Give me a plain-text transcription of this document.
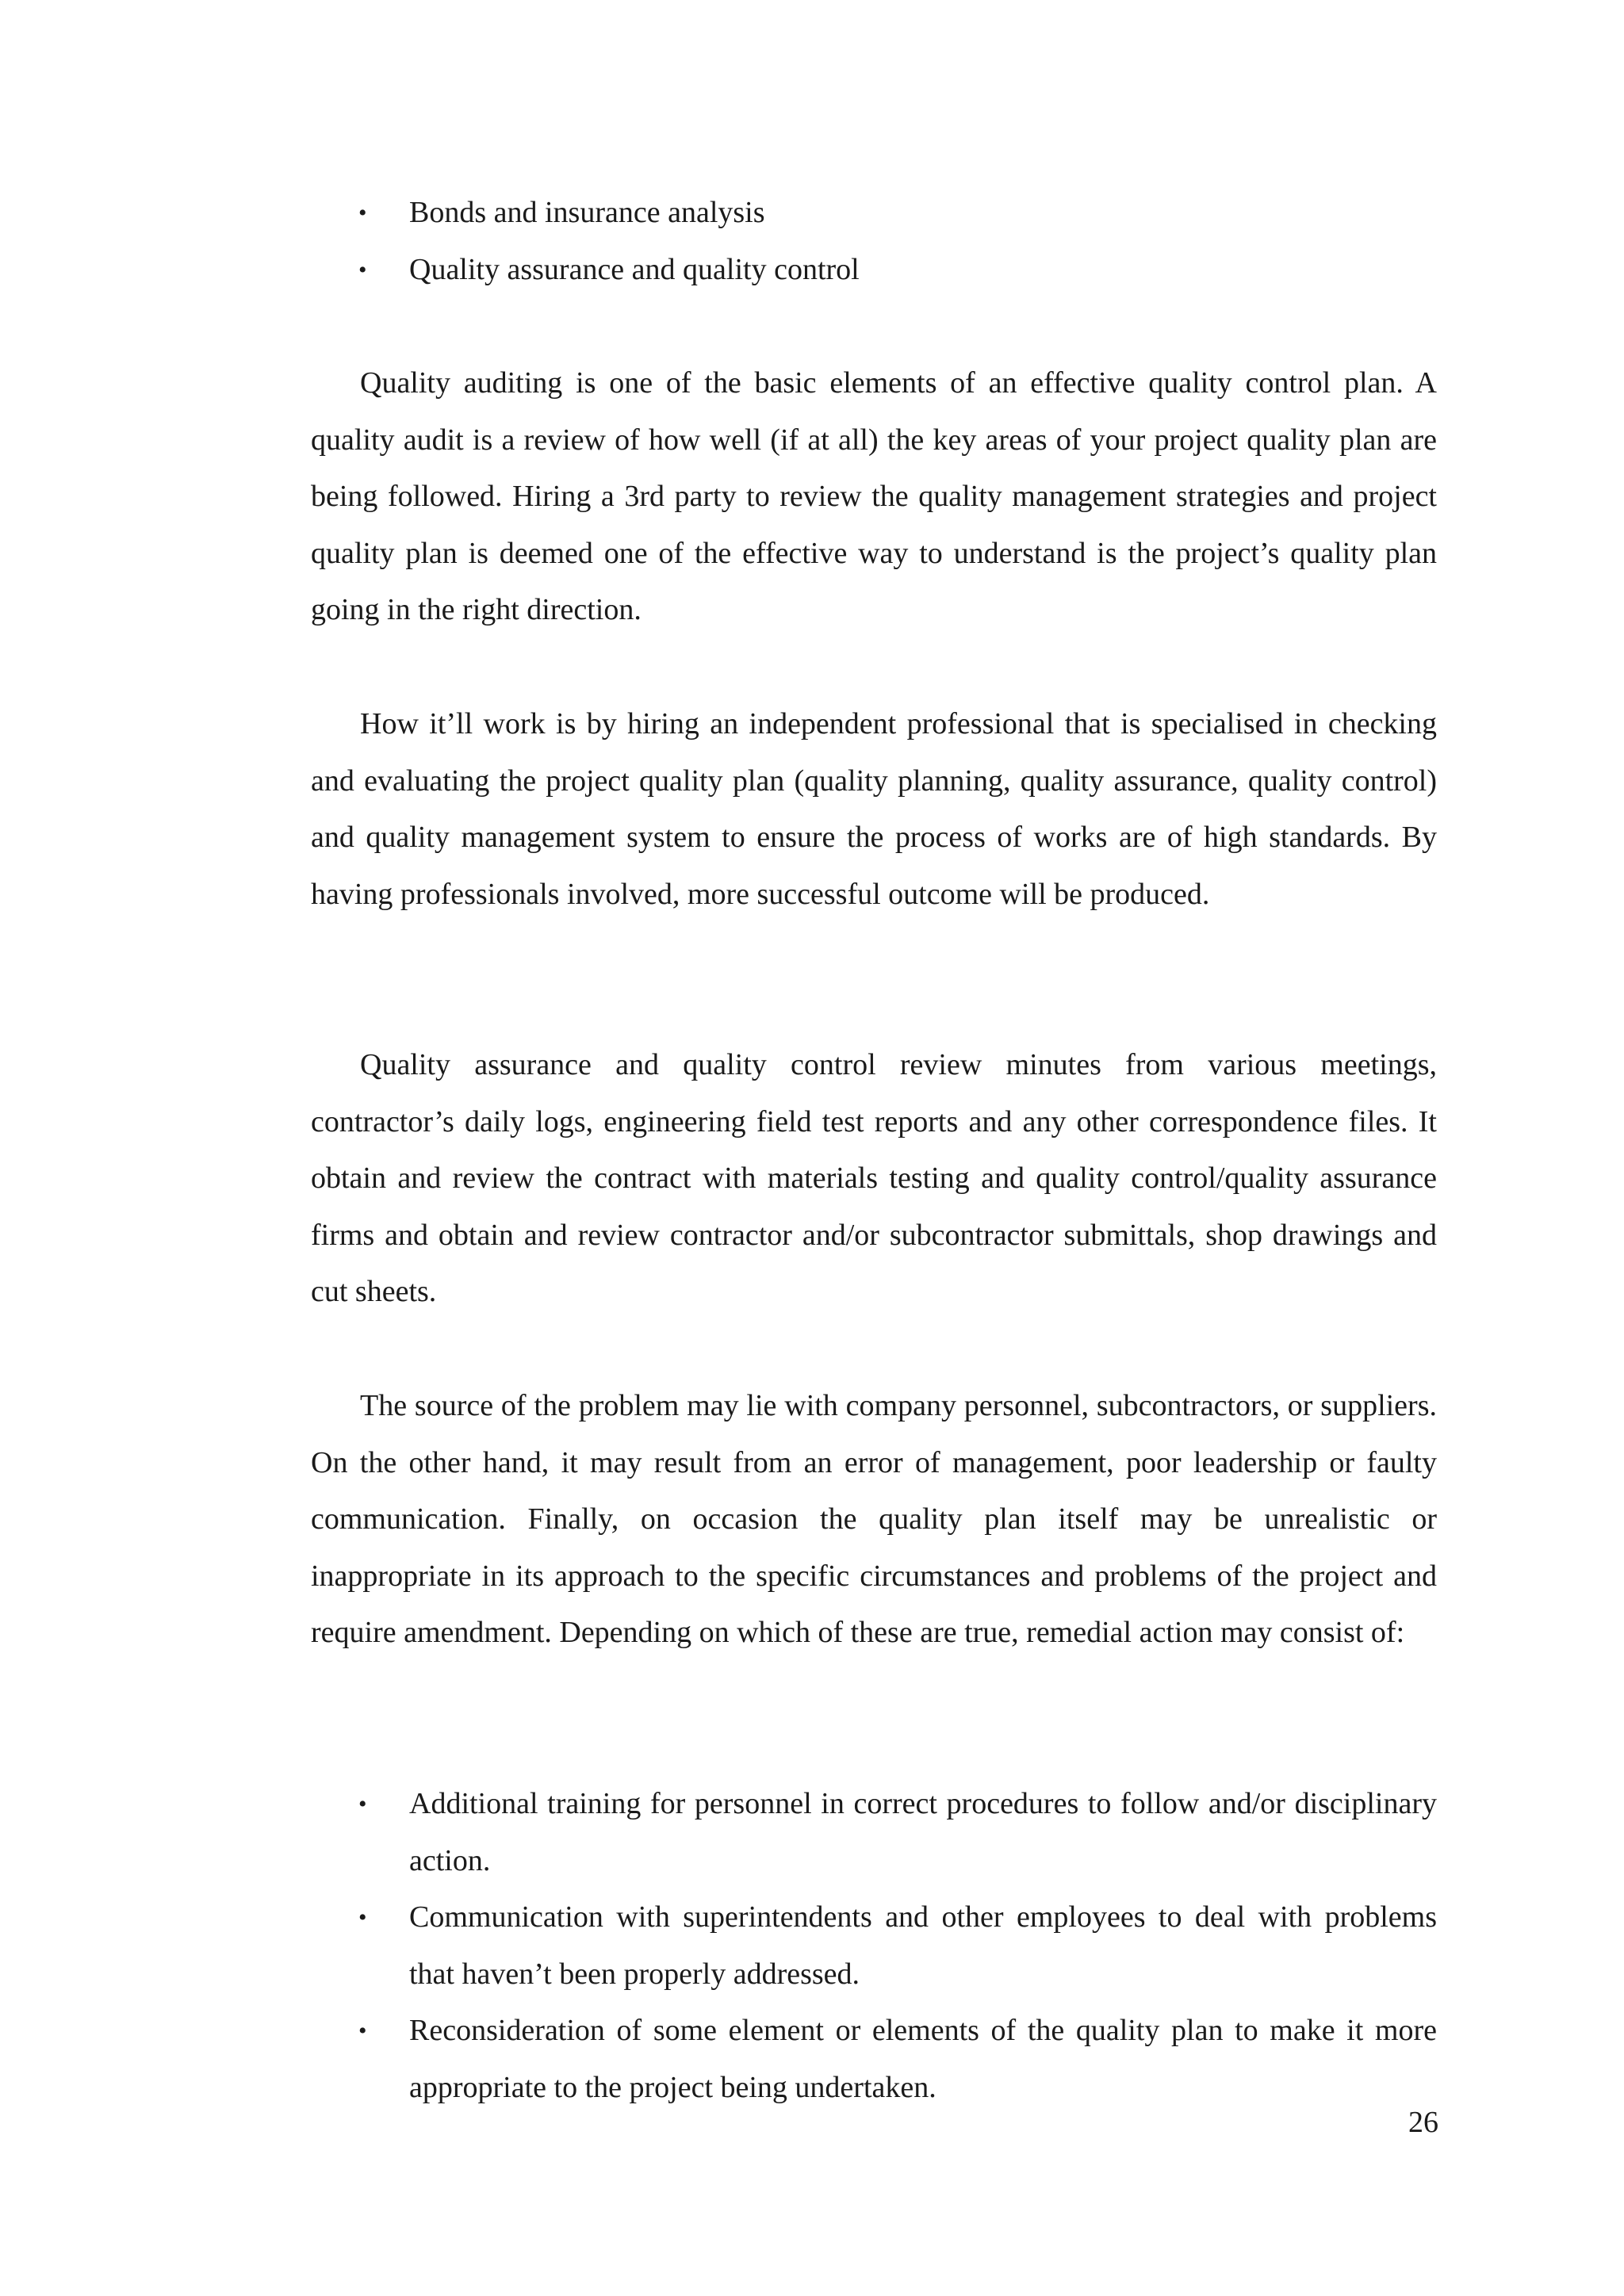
• Bonds and insurance analysis
• Quality assurance and quality control

Quality auditing is one of the basic elements of an effective quality control plan. A quality audit is a review of how well (if at all) the key areas of your project quality plan are being followed. Hiring a 3rd party to review the quality management strategies and project quality plan is deemed one of the effective way to understand is the project’s quality plan going in the right direction.

How it’ll work is by hiring an independent professional that is specialised in checking and evaluating the project quality plan (quality planning, quality assurance, quality control) and quality management system to ensure the process of works are of high standards. By having professionals involved, more successful outcome will be produced.

Quality assurance and quality control review minutes from various meetings, contractor’s daily logs, engineering field test reports and any other correspondence files. It obtain and review the contract with materials testing and quality control/quality assurance firms and obtain and review contractor and/or subcontractor submittals, shop drawings and cut sheets.

The source of the problem may lie with company personnel, subcontractors, or suppliers. On the other hand, it may result from an error of management, poor leadership or faulty communication. Finally, on occasion the quality plan itself may be unrealistic or inappropriate in its approach to the specific circumstances and problems of the project and require amendment. Depending on which of these are true, remedial action may consist of:

• Additional training for personnel in correct procedures to follow and/or disciplinary action.
• Communication with superintendents and other employees to deal with problems that haven’t been properly addressed.
• Reconsideration of some element or elements of the quality plan to make it more appropriate to the project being undertaken.
26
